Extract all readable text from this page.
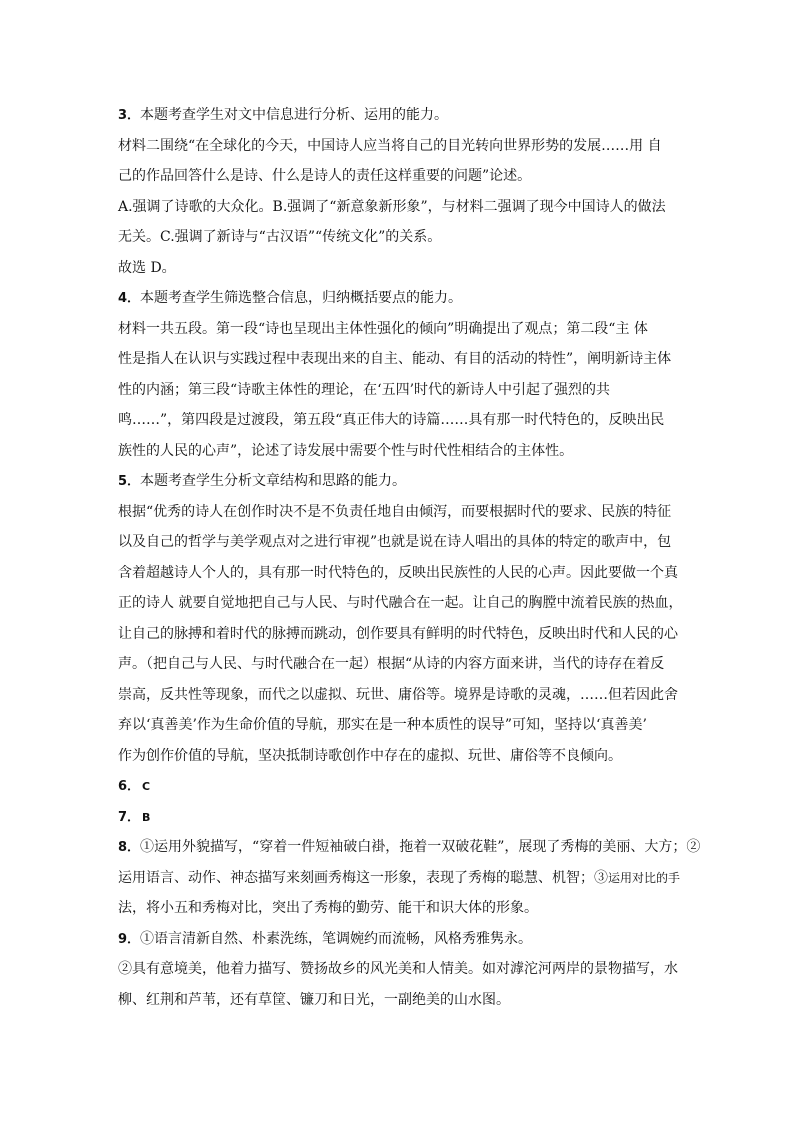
3．本题考查学生对文中信息进行分析、运用的能力。
材料二围绕“在全球化的今天，中国诗人应当将自己的目光转向世界形势的发展……用 自
己的作品回答什么是诗、什么是诗人的责任这样重要的问题”论述。
A.强调了诗歌的大众化。B.强调了“新意象新形象”，与材料二强调了现今中国诗人的做法
无关。C.强调了新诗与“古汉语”“传统文化”的关系。
故选 D。
4．本题考查学生筛选整合信息，归纳概括要点的能力。
材料一共五段。第一段“诗也呈现出主体性强化的倾向”明确提出了观点；第二段“主 体
性是指人在认识与实践过程中表现出来的自主、能动、有目的活动的特性”，阐明新诗主体
性的内涵；第三段“诗歌主体性的理论，在‘五四’时代的新诗人中引起了强烈的共
鸣……”，第四段是过渡段，第五段“真正伟大的诗篇……具有那一时代特色的，反映出民
族性的人民的心声”，论述了诗发展中需要个性与时代性相结合的主体性。
5．本题考查学生分析文章结构和思路的能力。
根据“优秀的诗人在创作时决不是不负责任地自由倾泻，而要根据时代的要求、民族的特征
以及自己的哲学与美学观点对之进行审视”也就是说在诗人唱出的具体的特定的歌声中，包
含着超越诗人个人的，具有那一时代特色的，反映出民族性的人民的心声。因此要做一个真
正的诗人 就要自觉地把自己与人民、与时代融合在一起。让自己的胸膛中流着民族的热血，
让自己的脉搏和着时代的脉搏而跳动，创作要具有鲜明的时代特色，反映出时代和人民的心
声。（把自己与人民、与时代融合在一起）根据“从诗的内容方面来讲，当代的诗存在着反
崇高，反共性等现象，而代之以虚拟、玩世、庸俗等。境界是诗歌的灵魂，……但若因此舍
弃以‘真善美’作为生命价值的导航，那实在是一种本质性的误导”可知，坚持以‘真善美’
作为创作价值的导航，坚决抵制诗歌创作中存在的虚拟、玩世、庸俗等不良倾向。
6． C
7． B
8．①运用外貌描写，“穿着一件短袖破白褂，拖着一双破花鞋”，展现了秀梅的美丽、大方；②
运用语言、动作、神态描写来刻画秀梅这一形象，表现了秀梅的聪慧、机智；③运用对比的手
法，将小五和秀梅对比，突出了秀梅的勤劳、能干和识大体的形象。
9．①语言清新自然、朴素洗练，笔调婉约而流畅，风格秀雅隽永。
②具有意境美，他着力描写、赞扬故乡的风光美和人情美。如对滹沱河两岸的景物描写，水
柳、红荆和芦苇，还有草筐、镰刀和日光，一副绝美的山水图。
